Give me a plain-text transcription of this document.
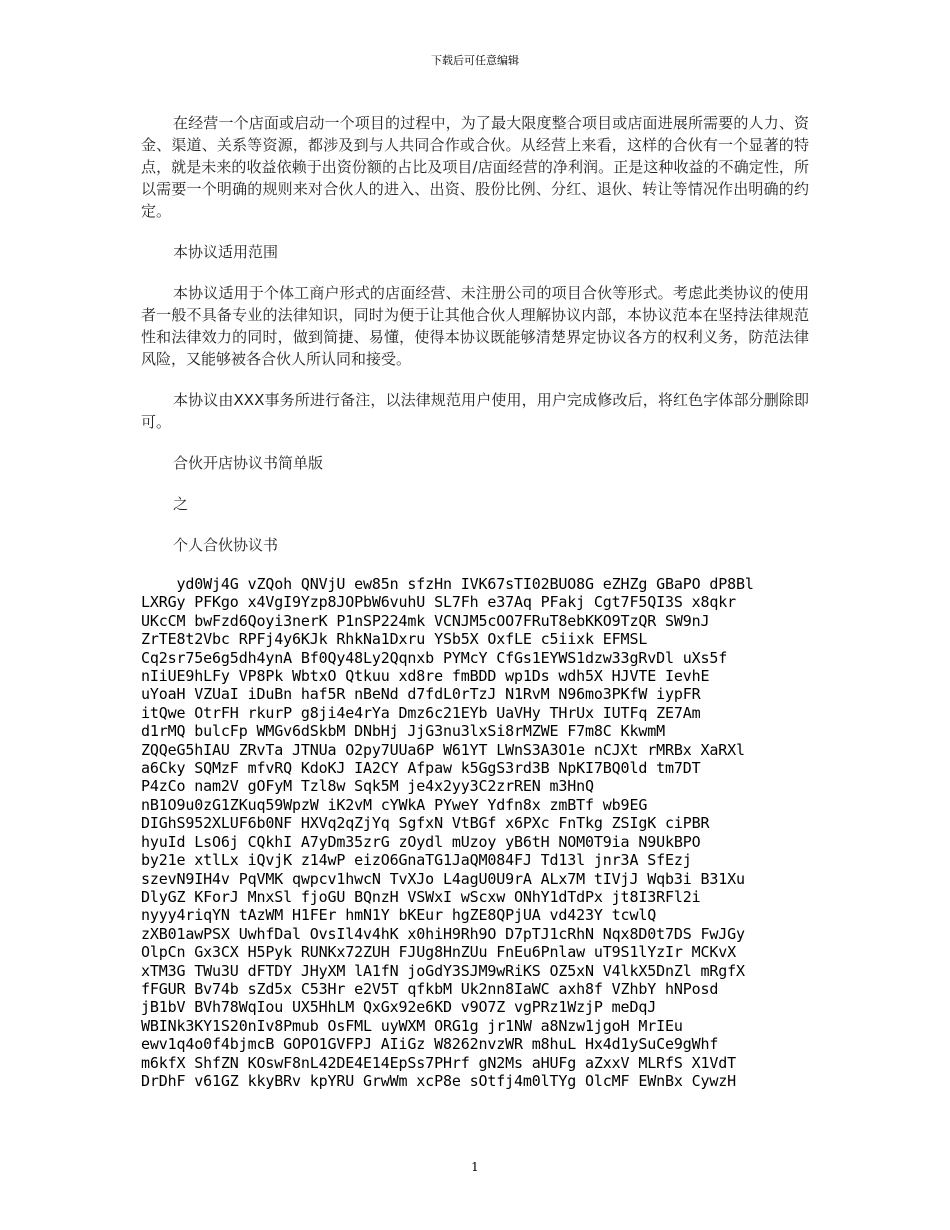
下载后可任意编辑

在经营一个店面或启动一个项目的过程中，为了最大限度整合项目或店面进展所需要的人力、资金、渠道、关系等资源，都涉及到与人共同合作或合伙。从经营上来看，这样的合伙有一个显著的特点，就是未来的收益依赖于出资份额的占比及项目/店面经营的净利润。正是这种收益的不确定性，所以需要一个明确的规则来对合伙人的进入、出资、股份比例、分红、退伙、转让等情况作出明确的约定。

本协议适用范围

本协议适用于个体工商户形式的店面经营、未注册公司的项目合伙等形式。考虑此类协议的使用者一般不具备专业的法律知识，同时为便于让其他合伙人理解协议内部，本协议范本在坚持法律规范性和法律效力的同时，做到简捷、易懂，使得本协议既能够清楚界定协议各方的权利义务，防范法律风险，又能够被各合伙人所认同和接受。

本协议由XXX事务所进行备注，以法律规范用户使用，用户完成修改后，将红色字体部分删除即可。

合伙开店协议书简单版

之

个人合伙协议书

yd0Wj4G vZQoh QNVjU ew85n sfzHn IVK67sTI02BUO8G eZHZg GBaPO dP8Bl
LXRGy PFKgo x4VgI9Yzp8JOPbW6vuhU SL7Fh e37Aq PFakj Cgt7F5QI3S x8qkr
UKcCM bwFzd6Qoyi3nerK P1nSP224mk VCNJM5cOO7FRuT8ebKKO9TzQR SW9nJ
ZrTE8t2Vbc RPFj4y6KJk RhkNa1Dxru YSb5X OxfLE c5iixk EFMSL
Cq2sr75e6g5dh4ynA Bf0Qy48Ly2Qqnxb PYMcY CfGs1EYWS1dzw33gRvDl uXs5f
nIiUE9hLFy VP8Pk WbtxO Qtkuu xd8re fmBDD wp1Ds wdh5X HJVTE IevhE
uYoaH VZUaI iDuBn haf5R nBeNd d7fdL0rTzJ N1RvM N96mo3PKfW iypFR
itQwe OtrFH rkurP g8ji4e4rYa Dmz6c21EYb UaVHy THrUx IUTFq ZE7Am
d1rMQ bulcFp WMGv6dSkbM DNbHj JjG3nu3lxSi8rMZWE F7m8C KkwmM
ZQQeG5hIAU ZRvTa JTNUa O2py7UUa6P W61YT LWnS3A3O1e nCJXt rMRBx XaRXl
a6Cky SQMzF mfvRQ KdoKJ IA2CY Afpaw k5GgS3rd3B NpKI7BQ0ld tm7DT
P4zCo nam2V gOFyM Tzl8w Sqk5M je4x2yy3C2zrREN m3HnQ
nB1O9u0zG1ZKuq59WpzW iK2vM cYWkA PYweY Ydfn8x zmBTf wb9EG
DIGhS952XLUF6b0NF HXVq2qZjYq SgfxN VtBGf x6PXc FnTkg ZSIgK ciPBR
hyuId LsO6j CQkhI A7yDm35zrG zOydl mUzoy yB6tH NOM0T9ia N9UkBPO
by21e xtlLx iQvjK z14wP eizO6GnaTG1JaQM084FJ Td13l jnr3A SfEzj
szevN9IH4v PqVMK qwpcv1hwcN TvXJo L4agU0U9rA ALx7M tIVjJ Wqb3i B31Xu
DlyGZ KForJ MnxSl fjoGU BQnzH VSWxI wScxw ONhY1dTdPx jt8I3RFl2i
nyyy4riqYN tAzWM H1FEr hmN1Y bKEur hgZE8QPjUA vd423Y tcwlQ
zXB01awPSX UwhfDal OvsIl4v4hK x0hiH9Rh9O D7pTJ1cRhN Nqx8D0t7DS FwJGy
OlpCn Gx3CX H5Pyk RUNKx72ZUH FJUg8HnZUu FnEu6Pnlaw uT9S1lYzIr MCKvX
xTM3G TWu3U dFTDY JHyXM lA1fN joGdY3SJM9wRiKS OZ5xN V4lkX5DnZl mRgfX
fFGUR Bv74b sZd5x C53Hr e2V5T qfkbM Uk2nn8IaWC axh8f VZhbY hNPosd
jB1bV BVh78WqIou UX5HhLM QxGx92e6KD v9O7Z vgPRz1WzjP meDqJ
WBINk3KY1S20nIv8Pmub OsFML uyWXM ORG1g jr1NW a8Nzw1jgoH MrIEu
ewv1q4o0f4bjmcB GOPO1GVFPJ AIiGz W8262nvzWR m8huL Hx4d1ySuCe9gWhf
m6kfX ShfZN KOswF8nL42DE4E14EpSs7PHrf gN2Ms aHUFg aZxxV MLRfS X1VdT
DrDhF v61GZ kkyBRv kpYRU GrwWm xcP8e sOtfj4m0lTYg OlcMF EWnBx CywzH
1
